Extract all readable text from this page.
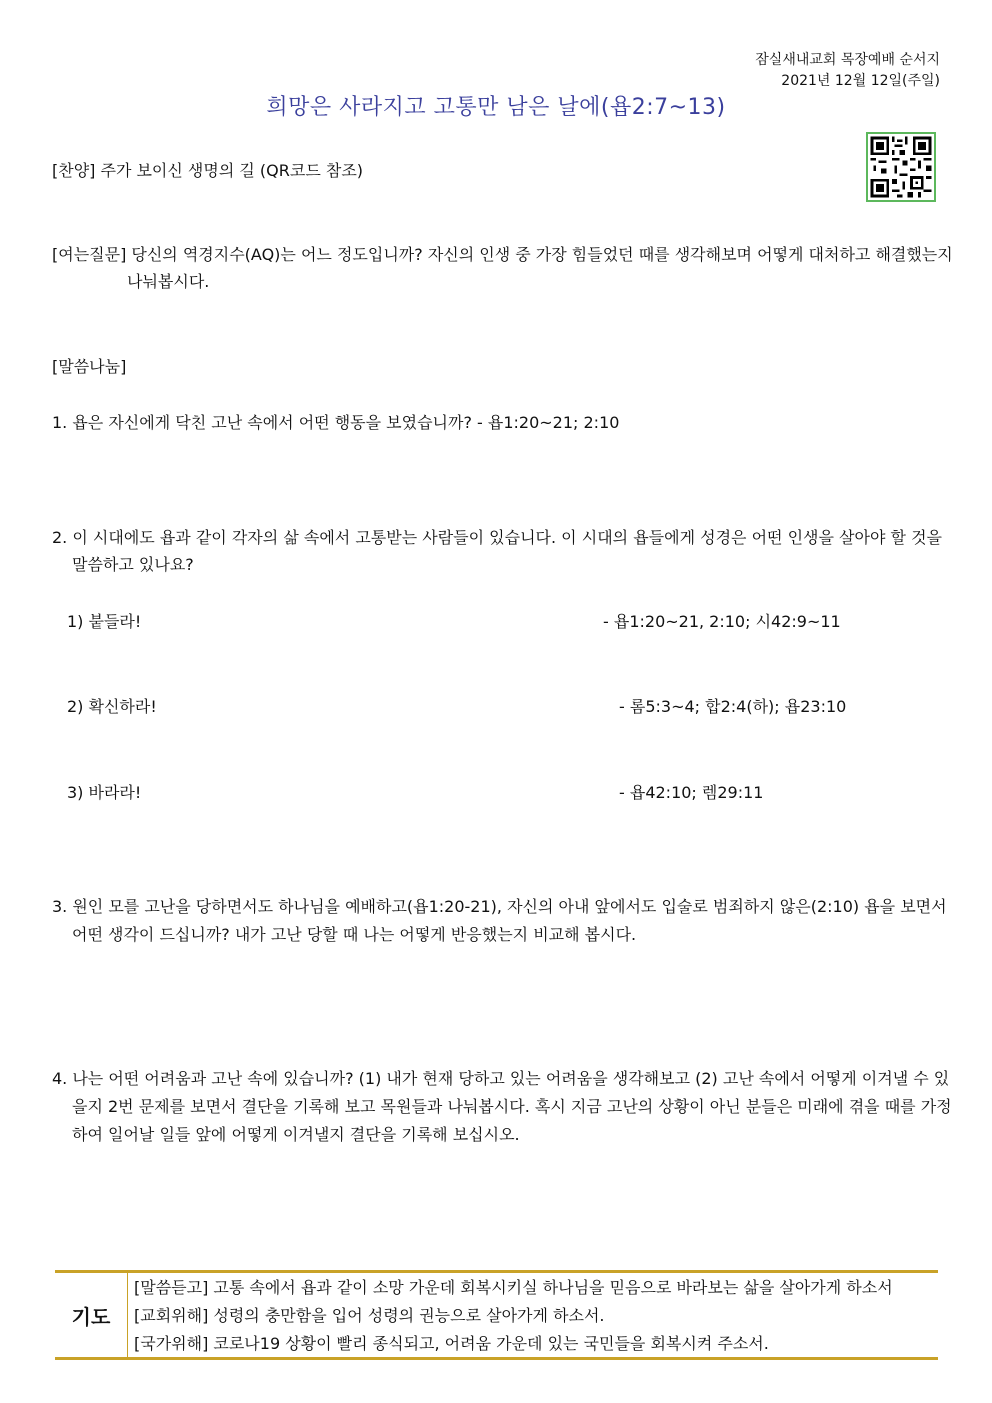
잠실새내교회 목장예배 순서지
2021년 12월 12일(주일)
희망은 사라지고 고통만 남은 날에(욥2:7~13)
[찬양] 주가 보이신 생명의 길 (QR코드 참조)
[여는질문] 당신의 역경지수(AQ)는 어느 정도입니까? 자신의 인생 중 가장 힘들었던 때를 생각해보며 어떻게 대처하고 해결했는지
나눠봅시다.
[말씀나눔]
1. 욥은 자신에게 닥친 고난 속에서 어떤 행동을 보였습니까? - 욥1:20~21; 2:10
2. 이 시대에도 욥과 같이 각자의 삶 속에서 고통받는 사람들이 있습니다. 이 시대의 욥들에게 성경은 어떤 인생을 살아야 할 것을
말씀하고 있나요?
1) 붙들라!	- 욥1:20~21, 2:10; 시42:9~11
2) 확신하라!	- 롬5:3~4; 합2:4(하); 욥23:10
3) 바라라!	- 욥42:10; 렘29:11
3. 원인 모를 고난을 당하면서도 하나님을 예배하고(욥1:20-21), 자신의 아내 앞에서도 입술로 범죄하지 않은(2:10) 욥을 보면서
어떤 생각이 드십니까? 내가 고난 당할 때 나는 어떻게 반응했는지 비교해 봅시다.
4. 나는 어떤 어려움과 고난 속에 있습니까? (1) 내가 현재 당하고 있는 어려움을 생각해보고 (2) 고난 속에서 어떻게 이겨낼 수 있
을지 2번 문제를 보면서 결단을 기록해 보고 목원들과 나눠봅시다. 혹시 지금 고난의 상황이 아닌 분들은 미래에 겪을 때를 가정
하여 일어날 일들 앞에 어떻게 이겨낼지 결단을 기록해 보십시오.
기도
[말씀듣고] 고통 속에서 욥과 같이 소망 가운데 회복시키실 하나님을 믿음으로 바라보는 삶을 살아가게 하소서
[교회위해] 성령의 충만함을 입어 성령의 권능으로 살아가게 하소서.
[국가위해] 코로나19 상황이 빨리 종식되고, 어려움 가운데 있는 국민들을 회복시켜 주소서.
